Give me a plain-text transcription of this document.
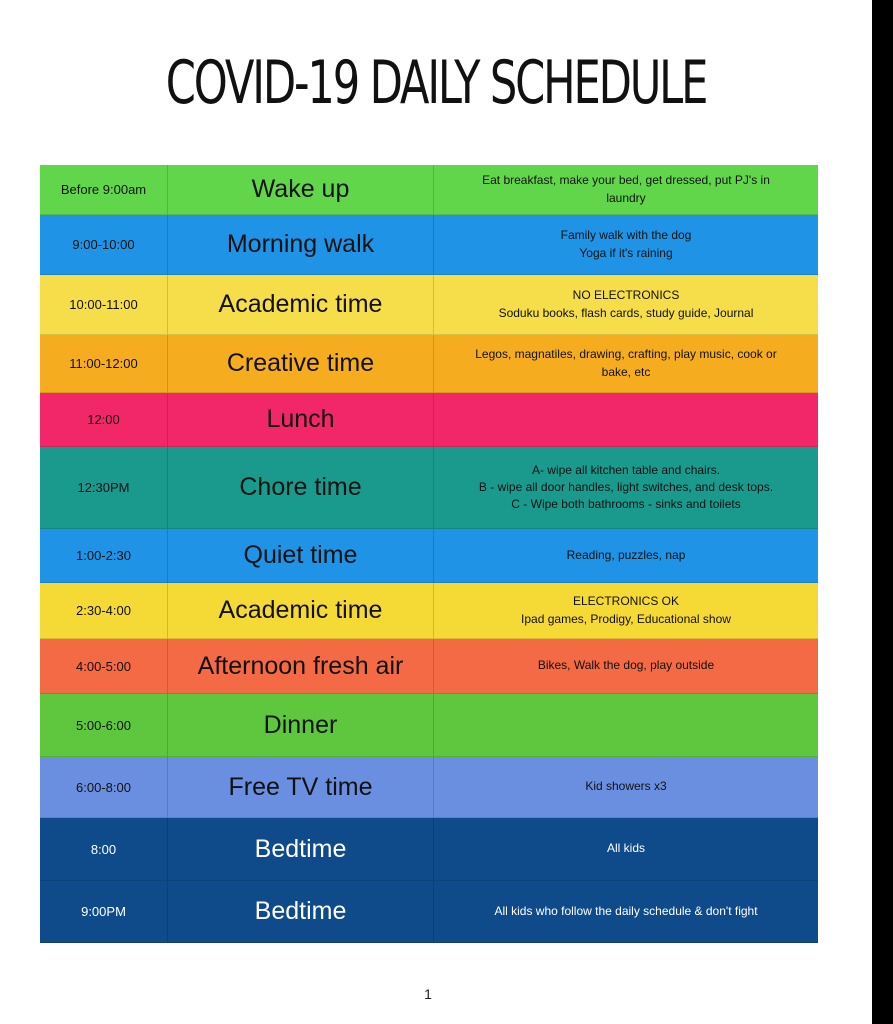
COVID-19 DAILY SCHEDULE
Before 9:00am	Wake up	Eat breakfast, make your bed, get dressed, put PJ's in
laundry
9:00-10:00	Morning walk	Family walk with the dog
Yoga if it's raining
10:00-11:00	Academic time	NO ELECTRONICS
Soduku books, flash cards, study guide, Journal
11:00-12:00	Creative time	Legos, magnatiles, drawing, crafting, play music, cook or
bake, etc
12:00	Lunch
12:30PM	Chore time
A- wipe all kitchen table and chairs.
B - wipe all door handles, light switches, and desk tops.
C - Wipe both bathrooms - sinks and toilets
1:00-2:30	Quiet time	Reading, puzzles, nap
2:30-4:00	Academic time	ELECTRONICS OK
Ipad games, Prodigy, Educational show
4:00-5:00	Afternoon fresh air	Bikes, Walk the dog, play outside
5:00-6:00	Dinner
6:00-8:00	Free TV time	Kid showers x3
8:00	Bedtime	All kids
9:00PM	Bedtime	All kids who follow the daily schedule & don't fight
1
